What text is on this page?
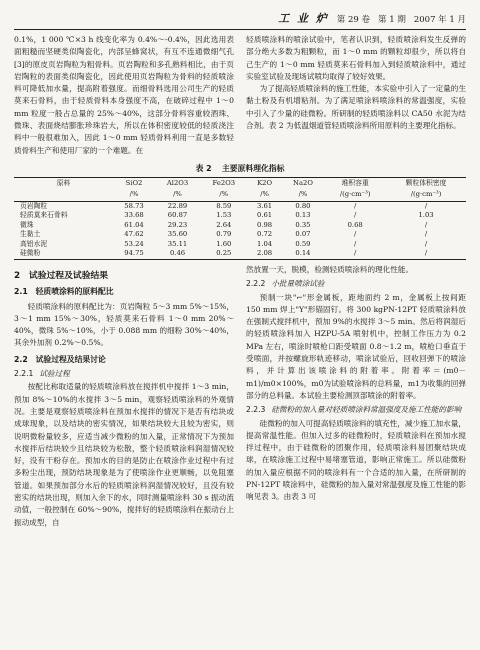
工 业 炉 第 29 卷 第 1 期 2007 年 1 月

0.1%，1 000 ℃×3 h 线变化率为 0.4%～-0.4%，因此选用表面粗糙而坚硬类似陶瓷化，内部呈蜂窝状，有互不连通微细气孔[3]的原皮页岩陶粒为粗骨料。页岩陶粒和多孔熟料相比，由于页岩陶粒的表面类似陶瓷化，因此使用页岩陶粒为骨料的轻质喷涂料可降低加水量，提高附着强度。而细骨料选用公司生产的轻质莫来石骨料，由于轻质骨料本身强度不高，在破碎过程中 1～0 mm 粒度一般占总量的 25%～40%，这部分骨料容重较酒珠、微珠、表面烧结膨胀珍珠岩大，所以在体积密度较低的轻质浇注料中一般很难加入，因此 1～0 mm 轻质骨料利用一直是多数轻质骨料生产和使用厂家的一个难题。在

轻质喷涂料的喷涂试验中，笔者认识到，轻质喷涂料发生反弹的部分绝大多数为粗颗粒，而 1～0 mm 的颗粒却很少，所以将自己生产的 1～0 mm 轻质莫来石骨料加入到轻质喷涂料中，通过实验室试验及现场试喷均取得了较好效果。

为了提高轻质喷涂料的施工性能，本实验中引入了一定量的生黏土粉及有机增粘剂。为了满足喷涂料喷涂料的常温强度，实验中引入了少量的硅微粉。所研制的轻质喷涂料以 CA50 水泥为结合剂。表 2 为低温烟道管轻质喷涂料所用原料的主要理化指标。

表 2 主要原料理化指标
原料	SiO2	Al2O3	Fe2O3	K2O	Na2O	堆积容重	颗粒体积密度
	/%	/%	/%	/%	/%	/(g·cm⁻³)	/(g·cm⁻³)
页岩陶粒	58.73	22.89	8.59	3.61	0.80	/	/
轻质莫来石骨料	33.68	60.87	1.53	0.61	0.13	/	1.03
微珠	61.04	29.23	2.64	0.98	0.35	0.68	/
生黏土	47.62	35.60	0.79	0.72	0.07	/	/
高铝水泥	53.24	35.11	1.60	1.04	0.59	/	/
硅微粉	94.75	0.46	0.25	2.08	0.14	/	/
2　试验过程及试验结果
2.1　轻质喷涂料的原料配比

轻质喷涂料的原料配比为：页岩陶粒 5～3 mm 5%～15%，3～1 mm 15%～30%，轻质莫来石骨料 1～0 mm 20%～40%，微珠 5%～10%，小于 0.088 mm 的细粉 30%～40%，其余外加剂 0.2%～0.5%。

2.2　试验过程及结果讨论
2.2.1 试验过程

按配比称取适量的轻质喷涂料放在搅拌机中搅拌 1～3 min，预加 8%～10%的水搅拌 3～5 min，观察轻质喷涂料的外观情况。主要是观察轻质喷涂料在预加水搅拌的情况下是否有结块或成球现象，以及结块的密实情况，如果结块较大且较为密实，则说明微粉量较多，应适当减少微粉的加入量，正常情况下为预加水搅拌后结块较少且结块较为松散，整个轻质喷涂料润湿情况较好，没有干粉存在。预加水的目的是防止在喷涂作业过程中有过多粉尘出现，预防结块现象是为了使喷涂作业更顺畅，以免阻塞管道。如果预加部分水后的轻质喷涂料润湿情况较好，且没有较密实的结块出现，则加入余下的水，同时测量喷涂料 30 s 振动流动值，一般控制在 60%～90%，搅拌好的轻质喷涂料在振动台上振动成型，自

然放置一天，脱模，检测轻质喷涂料的理化性能。

2.2.2 小批量喷涂试验

预制一块"⌐"形金属板，距地面约 2 m，金属板上按间距 150 mm 焊上"Y"形锚固钉。将 300 kgPN-12PT 轻质喷涂料放在强制式搅拌机中，预加 9%的水搅拌 3～5 min。然后将润湿后的轻质喷涂料加入 HZPU-5A 喷射机中，控制工作压力为 0.2 MPa 左右，喷涂时喷枪口距受喷面 0.8～1.2 m，喷枪口垂直于受喷面，并按螺旋形轨迹移动，喷涂试验后，回收回弹下的喷涂料，并计算出该喷涂料的附着率。附着率＝(m0－m1)/m0×100%，m0为试验喷涂料的总料量，m1为收集的回弹部分的总料量。本试验主要检测顶部喷涂的附着率。

2.2.3 硅微粉的加入量对轻质喷涂料常温强度及施工性能的影响

硅微粉的加入可提高轻质喷涂料的填充性，减少施工加水量，提高常温性能。但加入过多的硅微粉时，轻质喷涂料在预加水搅拌过程中，由于硅微粉的团聚作用，轻质喷涂料易团聚结块成球，在喷涂施工过程中易堵塞管道，影响正常施工。所以硅微粉的加入量应根据不同的喷涂料有一个合适的加入量，在所研制的 PN-12PT 喷涂料中，硅微粉的加入量对常温强度及施工性能的影响见表 3。由表 3 可
